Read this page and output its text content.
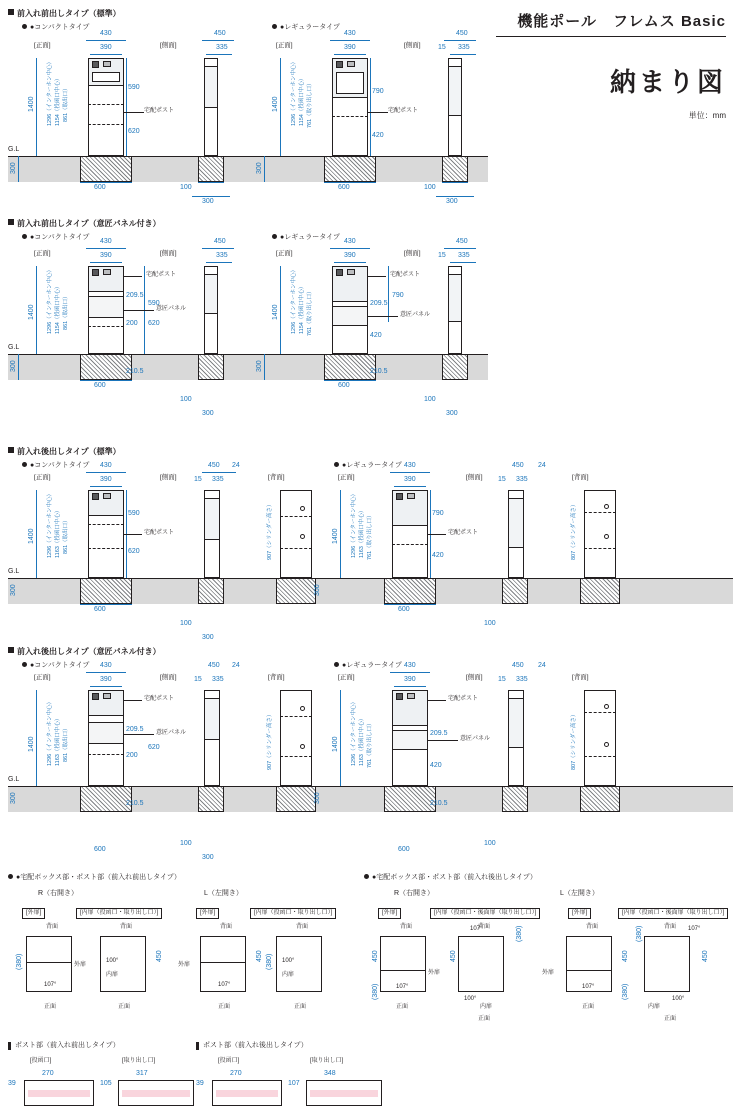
機能ポール　フレムス Basic
納まり図
単位：mm
前入れ前出しタイプ（標準）
●コンパクトタイプ	●レギュラータイプ
G.L
[正面]
430
390
600
1400
300
1296（インターホン中心） 1154（投函口中心） 861（取出口）	590
620
宅配ポスト
[側面]
450
335
100
300
[正面]
430
390
600
1400
300
1296（インターホン中心） 1154（投函口中心） 761（取り出し口）	790
420
宅配ポスト
[側面]
450
15 335
100
300
前入れ前出しタイプ（意匠パネル付き）
●コンパクトタイプ	●レギュラータイプ
G.L
[正面]
430
390
600
210.5
1400
300
1296（インターホン中心） 1154（投函口中心） 861（取出口）	209.5
590
200 620
宅配ポスト
意匠パネル
[側面]
450
335
100
300
[正面]
430
390
600
210.5
1400
300
1296（インターホン中心） 1154（投函口中心） 761（取り出し口）	209.5
790
420
宅配ポスト
意匠パネル
[側面]
450
15 335
100
300
前入れ後出しタイプ（標準）
●コンパクトタイプ	●レギュラータイプ
G.L
[正面]
430
390
600
1400
300
1296（インターホン中心） 1163（投函口中心） 861（取出口）
590
620
宅配ポスト
[側面]
450 24
15 335
100
300
[背面]
907（シリンダー高さ）
[正面]
430
390
600
1400
300
1296（インターホン中心） 1163（投函口中心） 761（取り出し口）	790
420
宅配ポスト
[側面]
450 24
15 335
100
[背面]
807（シリンダー高さ）
前入れ後出しタイプ（意匠パネル付き）
●コンパクトタイプ	●レギュラータイプ
G.L
[正面]
430
390
600
210.5
1400
300
1296（インターホン中心） 1163（投函口中心） 861（取出口）	209.5
200
620
宅配ポスト
意匠パネル
[側面]
450 24
15 335
100
300
[背面]
907（シリンダー高さ）
[正面]
430
390
600
210.5
1400
300
1296（インターホン中心） 1163（投函口中心） 761（取り出し口）	209.5
420
宅配ポスト
意匠パネル
[側面]
450 24
15 335
100
[背面]
807（シリンダー高さ）
●宅配ボックス部・ポスト部（前入れ前出しタイプ）	●宅配ボックス部・ポスト部（前入れ後出しタイプ）
R（右開き）	L（左開き）	R（右開き）	L（左開き）
[外扉]	[内扉（投函口・取り出し口）]	[外扉]	[内扉（投函口・取り出し口）]	[外扉]	[内扉（投函口・後面扉（取り出し口）]	[外扉]	[内扉（投函口・後面扉（取り出し口）]
背面
外扉
107°
正面
(380)
背面
100°
内扉
正面
450
背面
外扉
107°
正面
450
背面
100°
内扉
正面
(380)
背面
外扉
107°
正面
450
(380)
背面
107°
100°
内扉
正面
450
(380)	背面
外扉
107°
正面
450
(380)
背面 107°
100°
内扉
正面
450
(380)
ポスト部（前入れ前出しタイプ）	ポスト部（前入れ後出しタイプ）
[投函口]	[取り出し口]	[投函口]	[取り出し口]
270
39
317
105
270
39
348
107
